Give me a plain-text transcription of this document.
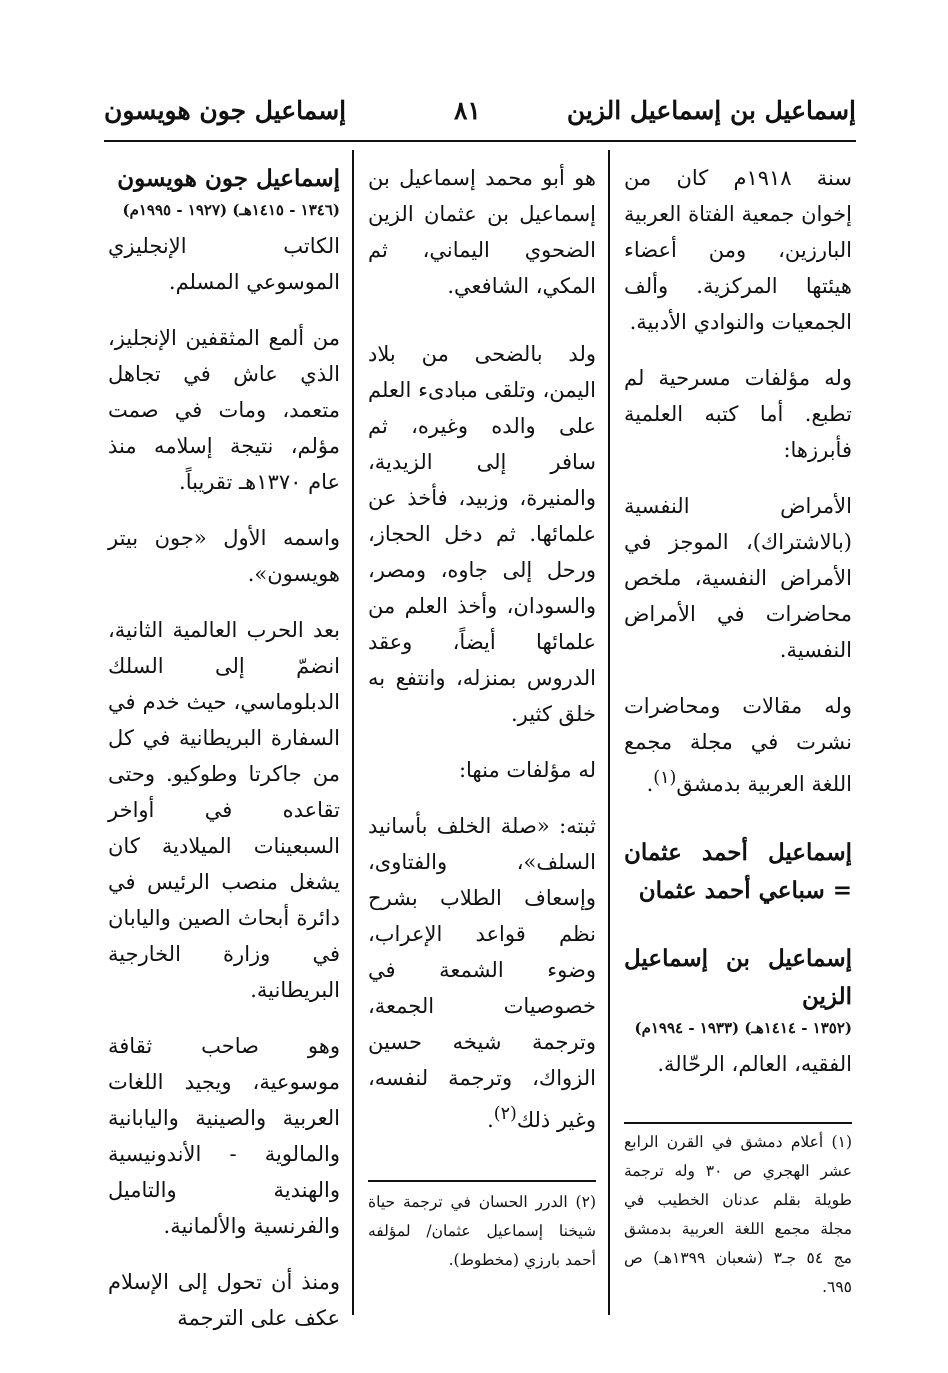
إسماعيل بن إسماعيل الزين
٨١
إسماعيل جون هويسون

سنة ١٩١٨م كان من إخوان جمعية الفتاة العربية البارزين، ومن أعضاء هيئتها المركزية. وألف الجمعيات والنوادي الأدبية.

وله مؤلفات مسرحية لم تطبع. أما كتبه العلمية فأبرزها:

الأمراض النفسية (بالاشتراك)، الموجز في الأمراض النفسية، ملخص محاضرات في الأمراض النفسية.

وله مقالات ومحاضرات نشرت في مجلة مجمع اللغة العربية بدمشق$^{(١)}$.

إسماعيل أحمد عثمان = سباعي أحمد عثمان

إسماعيل بن إسماعيل الزين

(١٣٥٢ - ١٤١٤هـ) (١٩٣٣ - ١٩٩٤م)

الفقيه، العالم، الرحّالة.

(١) أعلام دمشق في القرن الرابع عشر الهجري ص ٣٠ وله ترجمة طويلة بقلم عدنان الخطيب في مجلة مجمع اللغة العربية بدمشق مج ٥٤ جـ٣ (شعبان ١٣٩٩هـ) ص ٦٩٥.

هو أبو محمد إسماعيل بن إسماعيل بن عثمان الزين الضحوي اليماني، ثم المكي، الشافعي.

ولد بالضحى من بلاد اليمن، وتلقى مبادىء العلم على والده وغيره، ثم سافر إلى الزيدية، والمنيرة، وزبيد، فأخذ عن علمائها. ثم دخل الحجاز، ورحل إلى جاوه، ومصر، والسودان، وأخذ العلم من علمائها أيضاً، وعقد الدروس بمنزله، وانتفع به خلق كثير.

له مؤلفات منها:

ثبته: «صلة الخلف بأسانيد السلف»، والفتاوى، وإسعاف الطلاب بشرح نظم قواعد الإعراب، وضوء الشمعة في خصوصيات الجمعة، وترجمة شيخه حسين الزواك، وترجمة لنفسه، وغير ذلك$^{(٢)}$.

(٢) الدرر الحسان في ترجمة حياة شيخنا إسماعيل عثمان/ لمؤلفه أحمد بارزي (مخطوط).

إسماعيل جون هويسون

(١٣٤٦ - ١٤١٥هـ) (١٩٢٧ - ١٩٩٥م)

الكاتب الإنجليزي الموسوعي المسلم.

من ألمع المثقفين الإنجليز، الذي عاش في تجاهل متعمد، ومات في صمت مؤلم، نتيجة إسلامه منذ عام ١٣٧٠هـ تقريباً.

واسمه الأول «جون بيتر هويسون».

بعد الحرب العالمية الثانية، انضمّ إلى السلك الدبلوماسي، حيث خدم في السفارة البريطانية في كل من جاكرتا وطوكيو. وحتى تقاعده في أواخر السبعينات الميلادية كان يشغل منصب الرئيس في دائرة أبحاث الصين واليابان في وزارة الخارجية البريطانية.

وهو صاحب ثقافة موسوعية، ويجيد اللغات العربية والصينية واليابانية والمالوية - الأندونيسية والهندية والتاميل والفرنسية والألمانية.

ومنذ أن تحول إلى الإسلام عكف على الترجمة
